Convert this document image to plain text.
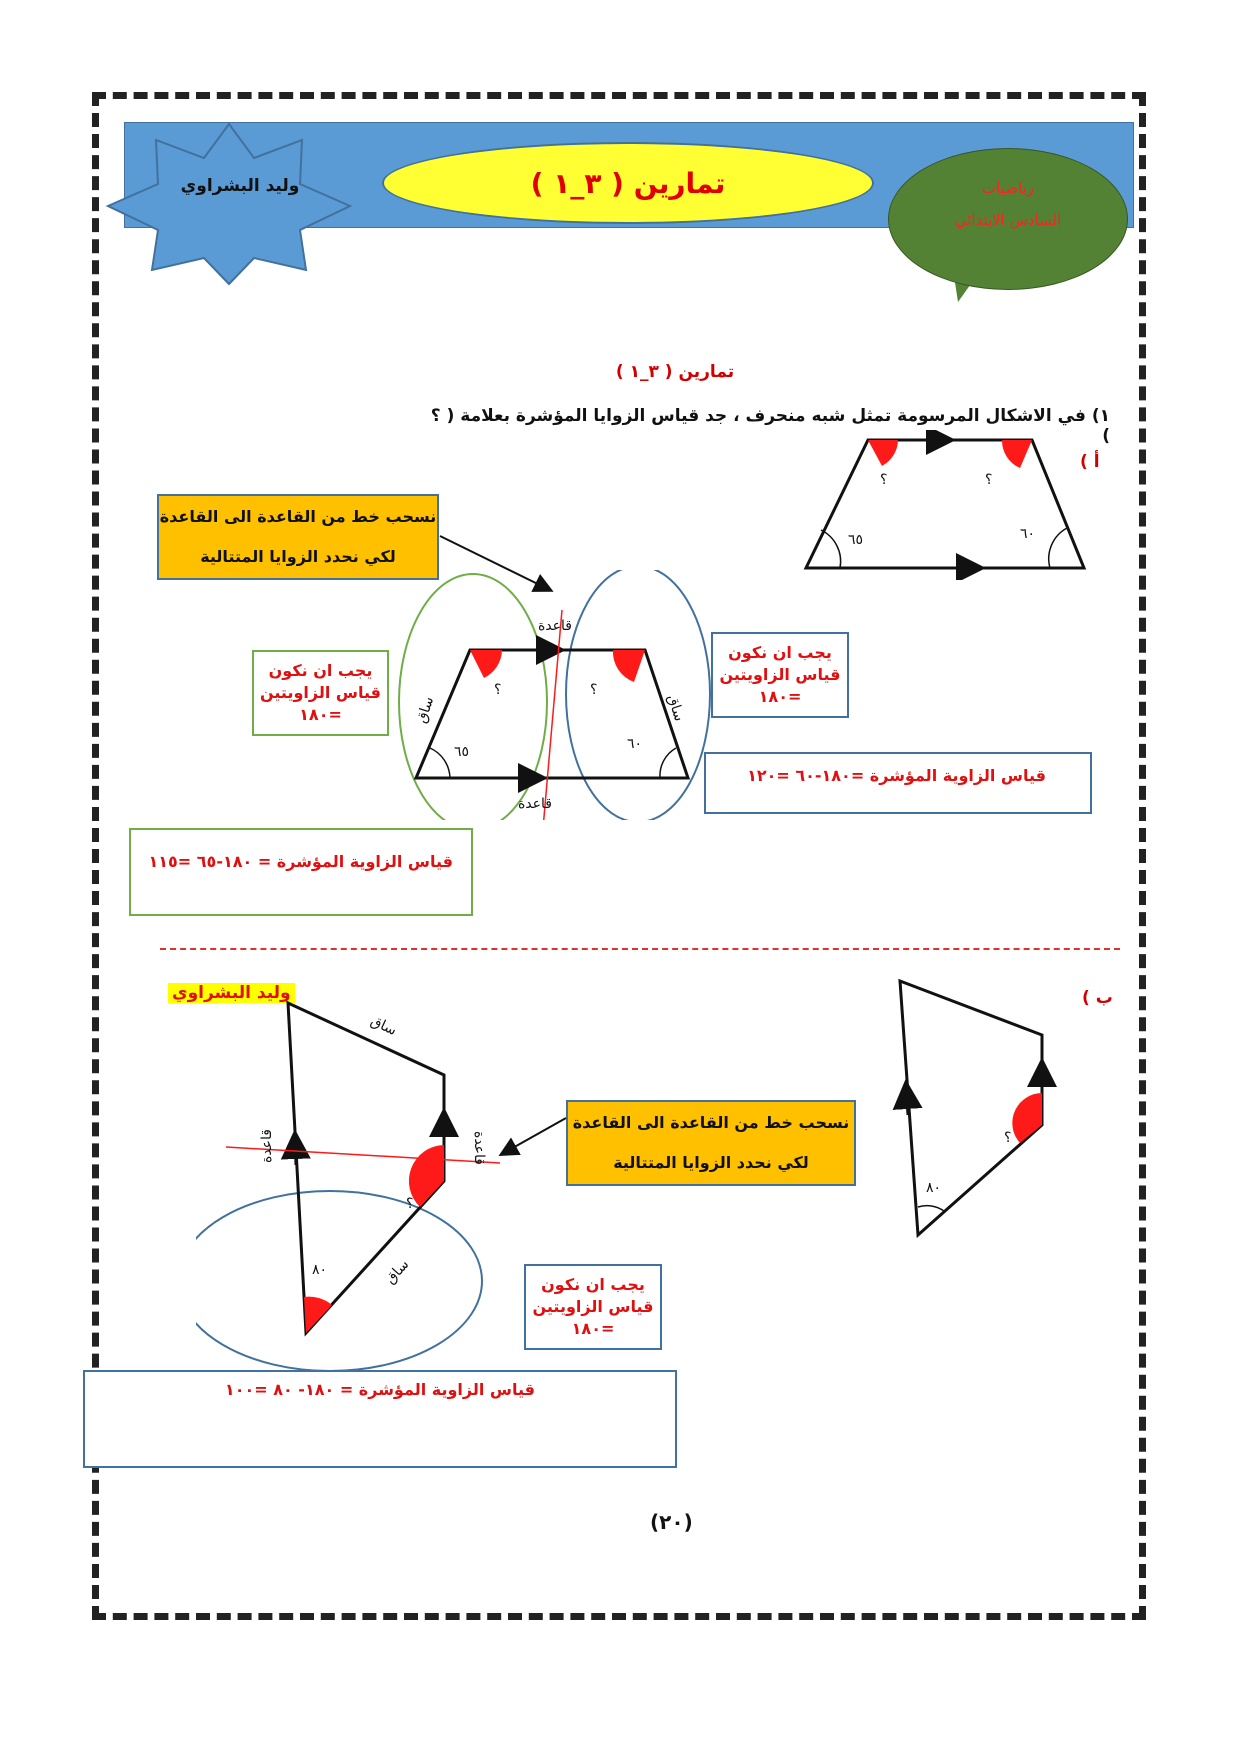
وليد البشراوي	تمارين ( ٣_١ )	رياضيات
السادس الابتدائي
تمارين ( ٣_١ )
١) في الاشكال المرسومة تمثل شبه منحرف ، جد قياس الزوايا المؤشرة بعلامة ( ؟ )
أ )
؟	؟
٦٥	٦٠
نسحب خط من القاعدة الى القاعدة
لكي نحدد الزوايا المتتالية
قاعدة
قاعدة
ساق	ساق
؟	؟
٦٥	٦٠
يجب ان نكون
قياس الزاويتين
=١٨٠
يجب ان نكون
قياس الزاويتين
=١٨٠
قياس الزاوية المؤشرة =١٨٠-٦٠ =١٢٠
قياس الزاوية المؤشرة = ١٨٠-٦٥ =١١٥
ب )
وليد البشراوي
؟
٨٠
ساق
ساق
قاعدة	قاعدة
؟
٨٠
نسحب خط من القاعدة الى القاعدة
لكي نحدد الزوايا المتتالية
يجب ان نكون
قياس الزاويتين
=١٨٠
قياس الزاوية المؤشرة = ١٨٠- ٨٠ =١٠٠
(٢٠)
